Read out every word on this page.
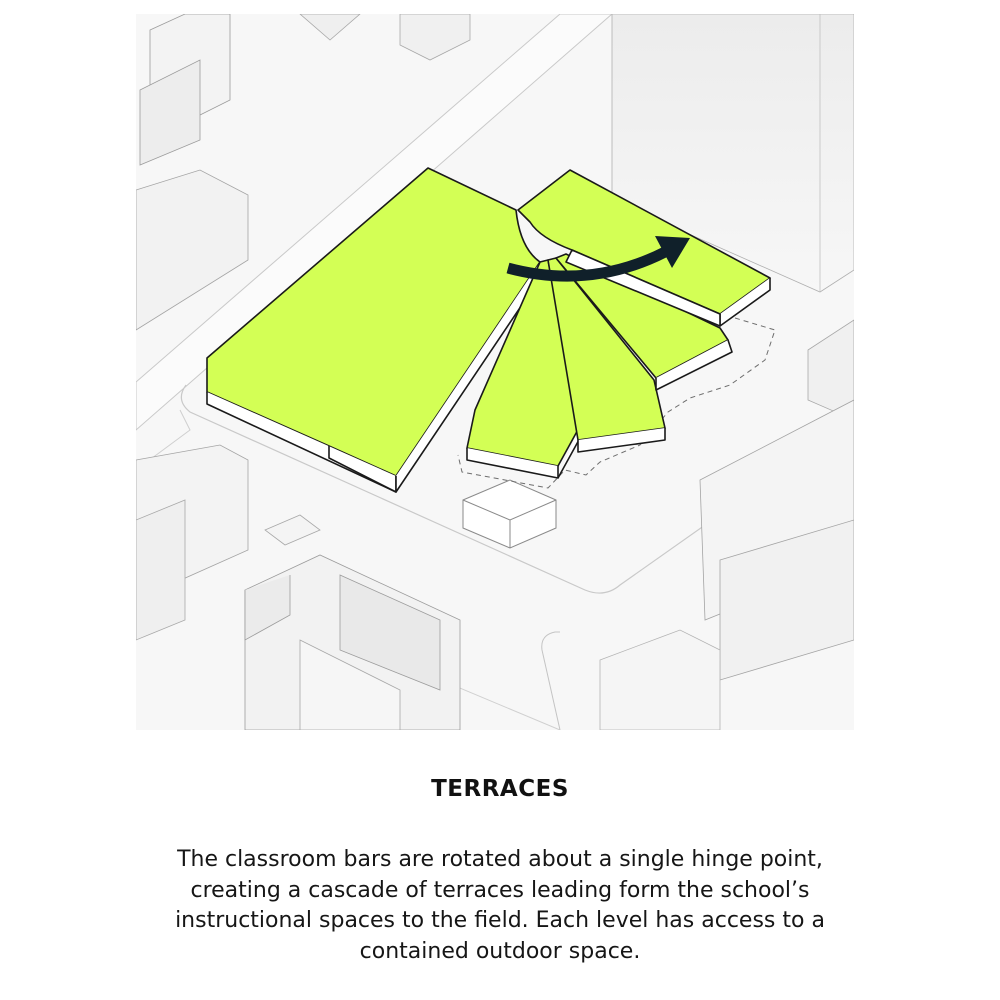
TERRACES

The classroom bars are rotated about a single hinge point,
creating a cascade of terraces leading form the school’s
instructional spaces to the field. Each level has access to a
contained outdoor space.
